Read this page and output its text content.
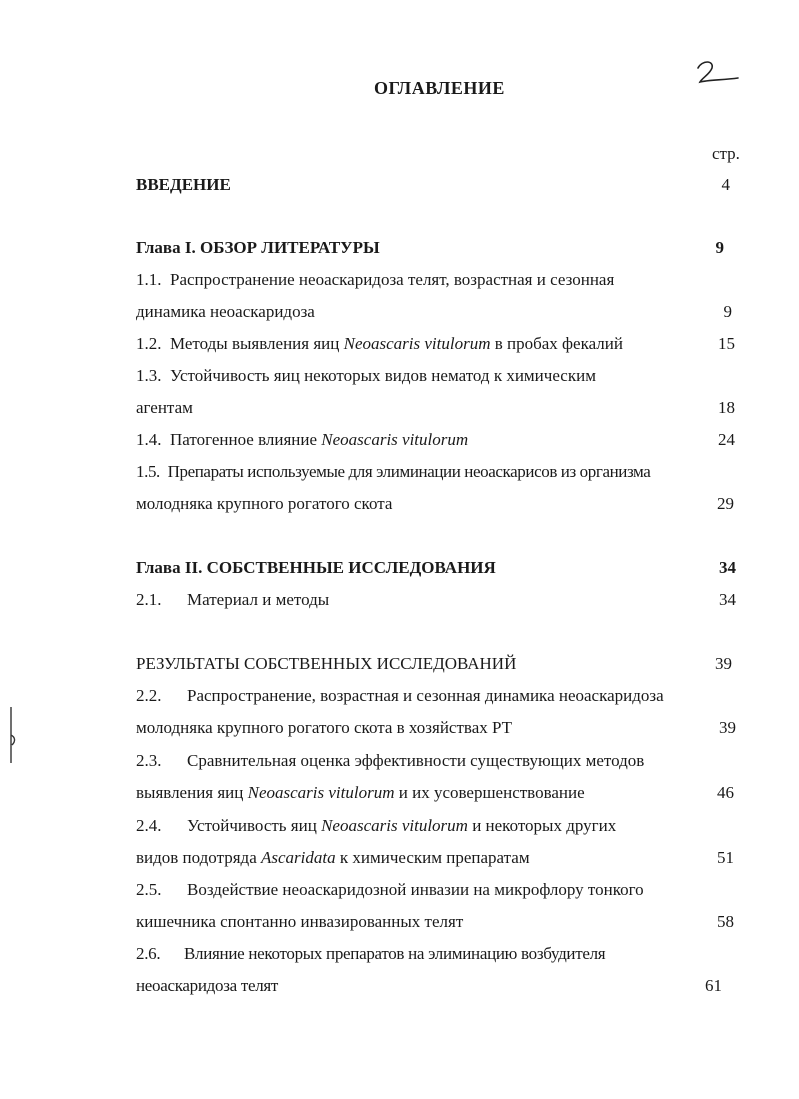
ОГЛАВЛЕНИЕ
2
стр.
ВВЕДЕНИЕ	4
Глава I. ОБЗОР ЛИТЕРАТУРЫ	9
1.1. Распространение неоаскаридоза телят, возрастная и сезонная
динамика неоаскаридоза	9
1.2. Методы выявления яиц Neoascaris vitulorum в пробах фекалий	15
1.3. Устойчивость яиц некоторых видов нематод к химическим
агентам	18
1.4. Патогенное влияние Neoascaris vitulorum	24
1.5. Препараты используемые для элиминации неоаскарисов из организма
молодняка крупного рогатого скота	29
Глава II. СОБСТВЕННЫЕ ИССЛЕДОВАНИЯ	34
2.1. Материал и методы	34
РЕЗУЛЬТАТЫ СОБСТВЕННЫХ ИССЛЕДОВАНИЙ	39
2.2. Распространение, возрастная и сезонная динамика неоаскаридоза
молодняка крупного рогатого скота в хозяйствах РТ	39
2.3. Сравнительная оценка эффективности существующих методов
выявления яиц Neoascaris vitulorum и их усовершенствование	46
2.4. Устойчивость яиц Neoascaris vitulorum и некоторых других
видов подотряда Ascaridata к химическим препаратам	51
2.5. Воздействие неоаскаридозной инвазии на микрофлору тонкого
кишечника спонтанно инвазированных телят	58
2.6. Влияние некоторых препаратов на элиминацию возбудителя
неоаскаридоза телят	61
